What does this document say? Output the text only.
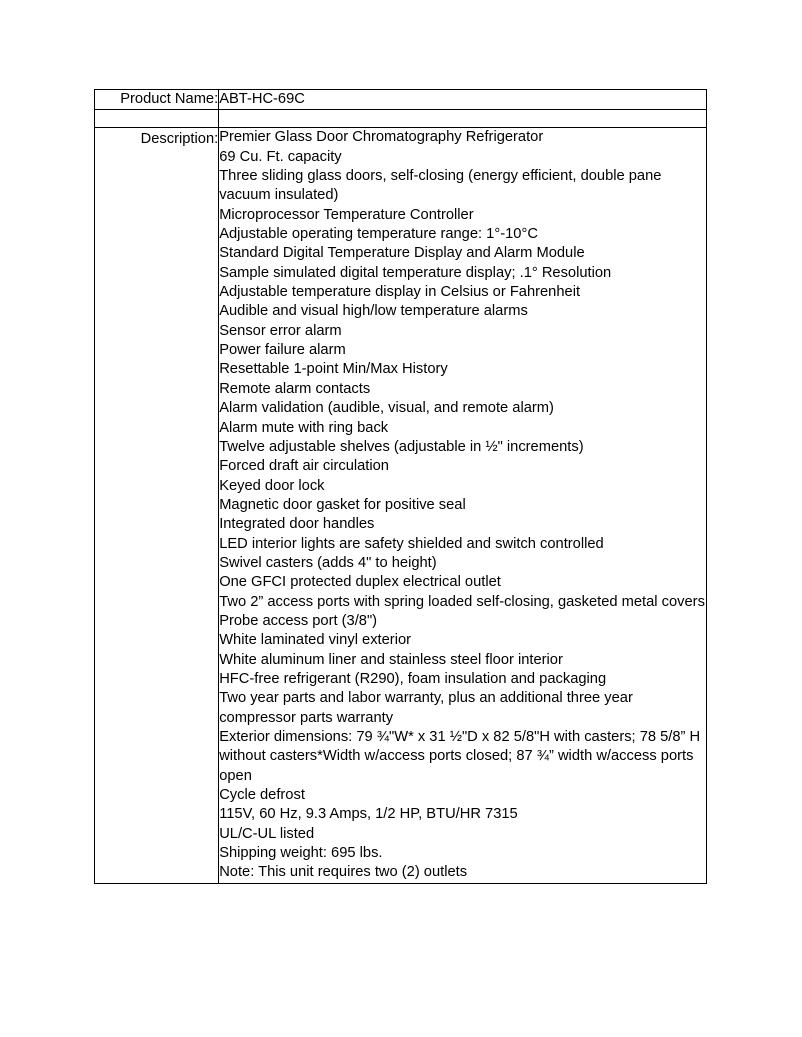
Product Name:	ABT-HC-69C

Description:	Premier Glass Door Chromatography Refrigerator
69 Cu. Ft. capacity
Three sliding glass doors, self-closing (energy efficient, double pane vacuum insulated)
Microprocessor Temperature Controller
Adjustable operating temperature range: 1°-10°C
Standard Digital Temperature Display and Alarm Module
Sample simulated digital temperature display; .1° Resolution
Adjustable temperature display in Celsius or Fahrenheit
Audible and visual high/low temperature alarms
Sensor error alarm
Power failure alarm
Resettable 1-point Min/Max History
Remote alarm contacts
Alarm validation (audible, visual, and remote alarm)
Alarm mute with ring back
Twelve adjustable shelves (adjustable in ½" increments)
Forced draft air circulation
Keyed door lock
Magnetic door gasket for positive seal
Integrated door handles
LED interior lights are safety shielded and switch controlled
Swivel casters (adds 4" to height)
One GFCI protected duplex electrical outlet
Two 2” access ports with spring loaded self-closing, gasketed metal covers
Probe access port (3/8")
White laminated vinyl exterior
White aluminum liner and stainless steel floor interior
HFC-free refrigerant (R290), foam insulation and packaging
Two year parts and labor warranty, plus an additional three year compressor parts warranty
Exterior dimensions: 79 ¾"W* x 31 ½"D x 82 5/8"H with casters; 78 5/8” H without casters*Width w/access ports closed; 87 ¾” width w/access ports open
Cycle defrost
115V, 60 Hz, 9.3 Amps, 1/2 HP, BTU/HR 7315
UL/C-UL listed
Shipping weight: 695 lbs.
Note: This unit requires two (2) outlets
